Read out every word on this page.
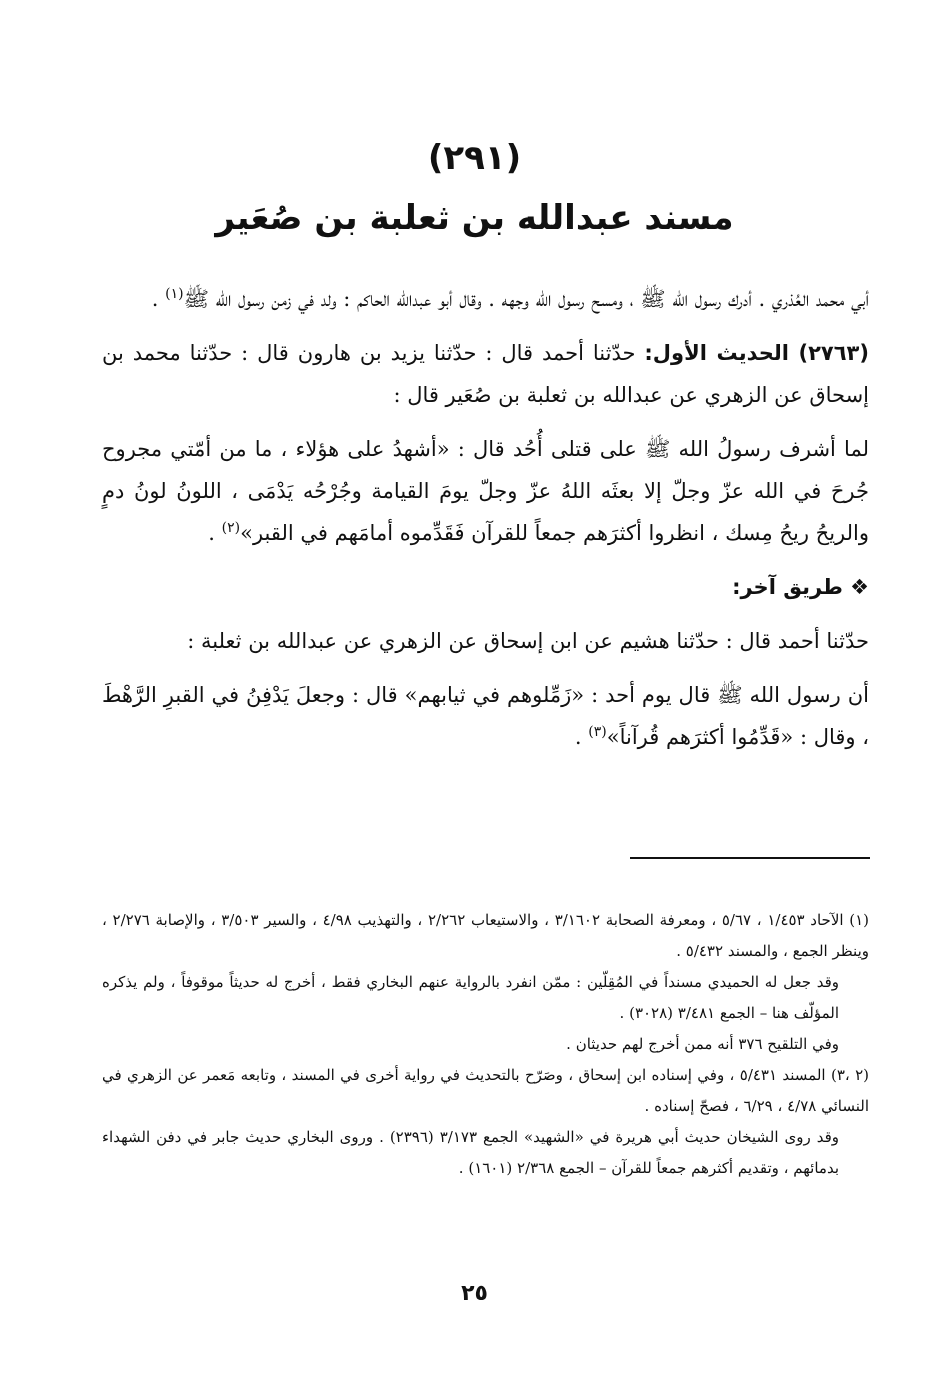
(٢٩١)
مسند عبدالله بن ثعلبة بن صُعَير

أبي محمد العُذري . أدرك رسول الله ﷺ ، ومسح رسول الله وجهه . وقال أبو عبدالله الحاكم : ولد في زمن رسول الله ﷺ$^{(١)}$ .

(٢٧٦٣) الحديث الأول: حدّثنا أحمد قال : حدّثنا يزيد بن هارون قال : حدّثنا محمد بن إسحاق عن الزهري عن عبدالله بن ثعلبة بن صُعَير قال :

لما أشرف رسولُ الله ﷺ على قتلى أُحُد قال : «أشهدُ على هؤلاء ، ما من أمّتي مجروح جُرحَ في الله عزّ وجلّ إلا بعثَه اللهُ عزّ وجلّ يومَ القيامة وجُرْحُه يَدْمَى ، اللونُ لونُ دمٍ والريحُ ريحُ مِسك ، انظروا أكثرَهم جمعاً للقرآن فَقَدِّموه أمامَهم في القبر»$^{(٢)}$ .

❖ طريق آخر:

حدّثنا أحمد قال : حدّثنا هشيم عن ابن إسحاق عن الزهري عن عبدالله بن ثعلبة :

أن رسول الله ﷺ قال يوم أحد : «زَمِّلوهم في ثيابهم» قال : وجعلَ يَدْفِنُ في القبرِ الرَّهْطَ ، وقال : «قَدِّمُوا أكثرَهم قُرآناً»$^{(٣)}$ .

(١) الآحاد ١/٤٥٣ ، ٥/٦٧ ، ومعرفة الصحابة ٣/١٦٠٢ ، والاستيعاب ٢/٢٦٢ ، والتهذيب ٤/٩٨ ، والسير ٣/٥٠٣ ، والإصابة ٢/٢٧٦ ، وينظر الجمع ، والمسند ٥/٤٣٢ .

وقد جعل له الحميدي مسنداً في المُقِلّين : ممّن انفرد بالرواية عنهم البخاري فقط ، أخرج له حديثاً موقوفاً ، ولم يذكره المؤلّف هنا – الجمع ٣/٤٨١ (٣٠٢٨) .

وفي التلقيح ٣٧٦ أنه ممن أخرج لهم حديثان .

(٢ ،٣) المسند ٥/٤٣١ ، وفي إسناده ابن إسحاق ، وصَرّح بالتحديث في رواية أخرى في المسند ، وتابعه مَعمر عن الزهري في النسائي ٤/٧٨ ، ٦/٢٩ ، فصحّ إسناده .

وقد روى الشيخان حديث أبي هريرة في «الشهيد» الجمع ٣/١٧٣ (٢٣٩٦) . وروى البخاري حديث جابر في دفن الشهداء بدمائهم ، وتقديم أكثرهم جمعاً للقرآن – الجمع ٢/٣٦٨ (١٦٠١) .

٢٥
